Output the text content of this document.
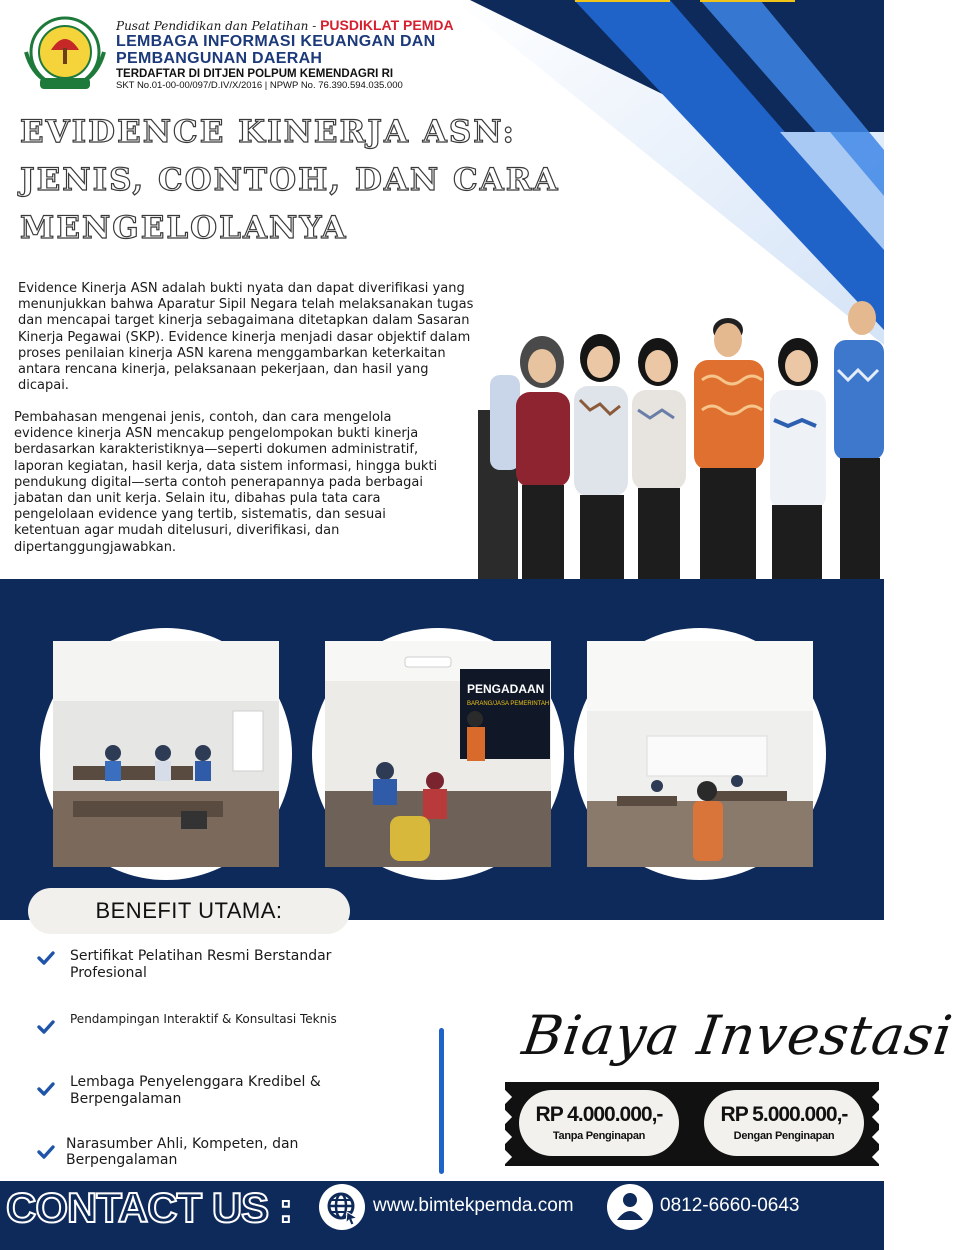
Pusat Pendidikan dan Pelatihan - PUSDIKLAT PEMDA
LEMBAGA INFORMASI KEUANGAN DAN
PEMBANGUNAN DAERAH
TERDAFTAR DI DITJEN POLPUM KEMENDAGRI RI
SKT No.01-00-00/097/D.IV/X/2016 | NPWP No. 76.390.594.035.000
EVIDENCE KINERJA ASN:
JENIS, CONTOH, DAN CARA
MENGELOLANYA

Evidence Kinerja ASN adalah bukti nyata dan dapat diverifikasi yang menunjukkan bahwa Aparatur Sipil Negara telah melaksanakan tugas dan mencapai target kinerja sebagaimana ditetapkan dalam Sasaran Kinerja Pegawai (SKP). Evidence kinerja menjadi dasar objektif dalam proses penilaian kinerja ASN karena menggambarkan keterkaitan antara rencana kinerja, pelaksanaan pekerjaan, dan hasil yang dicapai.

Pembahasan mengenai jenis, contoh, dan cara mengelola evidence kinerja ASN mencakup pengelompokan bukti kinerja berdasarkan karakteristiknya—seperti dokumen administratif, laporan kegiatan, hasil kerja, data sistem informasi, hingga bukti pendukung digital—serta contoh penerapannya pada berbagai jabatan dan unit kerja. Selain itu, dibahas pula tata cara pengelolaan evidence yang tertib, sistematis, dan sesuai ketentuan agar mudah ditelusuri, diverifikasi, dan dipertanggungjawabkan.

PENGADAAN
BARANG/JASA PEMERINTAH
BENEFIT UTAMA:
Sertifikat Pelatihan Resmi Berstandar Profesional
Pendampingan Interaktif & Konsultasi Teknis
Lembaga Penyelenggara Kredibel & Berpengalaman
Narasumber Ahli, Kompeten, dan Berpengalaman
Biaya Investasi
RP 4.000.000,-
Tanpa Penginapan
RP 5.000.000,-
Dengan Penginapan
CONTACT US :	www.bimtekpemda.com	0812-6660-0643
